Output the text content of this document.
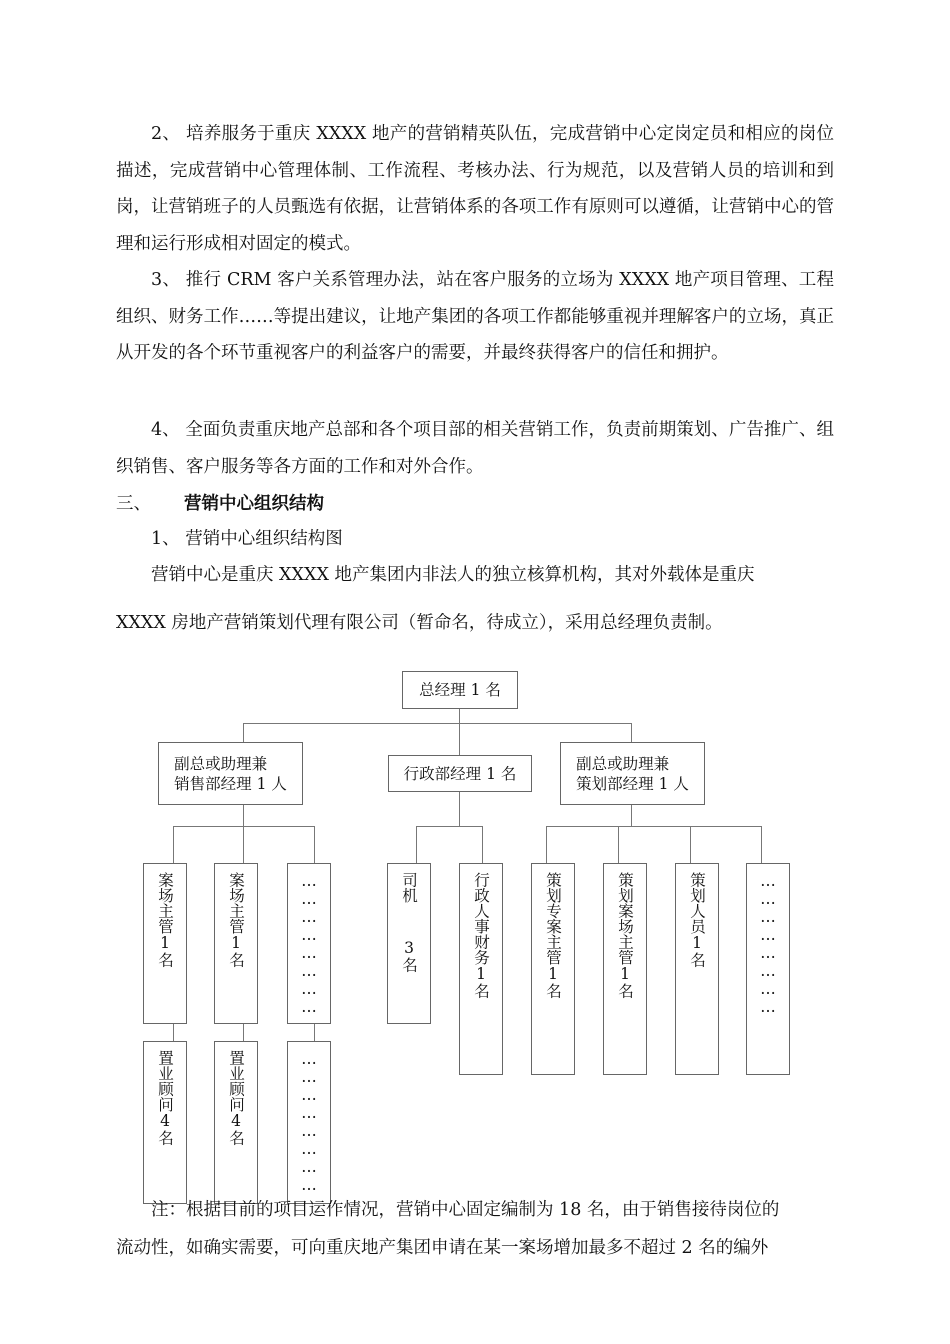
2、 培养服务于重庆 XXXX 地产的营销精英队伍，完成营销中心定岗定员和相应的岗位描述，完成营销中心管理体制、工作流程、考核办法、行为规范，以及营销人员的培训和到岗，让营销班子的人员甄选有依据，让营销体系的各项工作有原则可以遵循，让营销中心的管理和运行形成相对固定的模式。

3、 推行 CRM 客户关系管理办法，站在客户服务的立场为 XXXX 地产项目管理、工程组织、财务工作……等提出建议，让地产集团的各项工作都能够重视并理解客户的立场，真正从开发的各个环节重视客户的利益客户的需要，并最终获得客户的信任和拥护。

4、 全面负责重庆地产总部和各个项目部的相关营销工作，负责前期策划、广告推广、组织销售、客户服务等各方面的工作和对外合作。

三、 营销中心组织结构

1、 营销中心组织结构图

营销中心是重庆 XXXX 地产集团内非法人的独立核算机构，其对外载体是重庆

XXXX 房地产营销策划代理有限公司（暂命名，待成立），采用总经理负责制。

总经理 1 名
副总或助理兼
销售部经理 1 人
行政部经理 1 名
副总或助理兼
策划部经理 1 人
案场主管1名	案场主管1名	……………………
置业顾问4名	置业顾问4名	……………………
司机  3名	行政人事财务1名	策划专案主管1名	策划案场主管1名	策划人员1名	……………………

注：根据目前的项目运作情况，营销中心固定编制为 18 名，由于销售接待岗位的

流动性，如确实需要，可向重庆地产集团申请在某一案场增加最多不超过 2 名的编外
